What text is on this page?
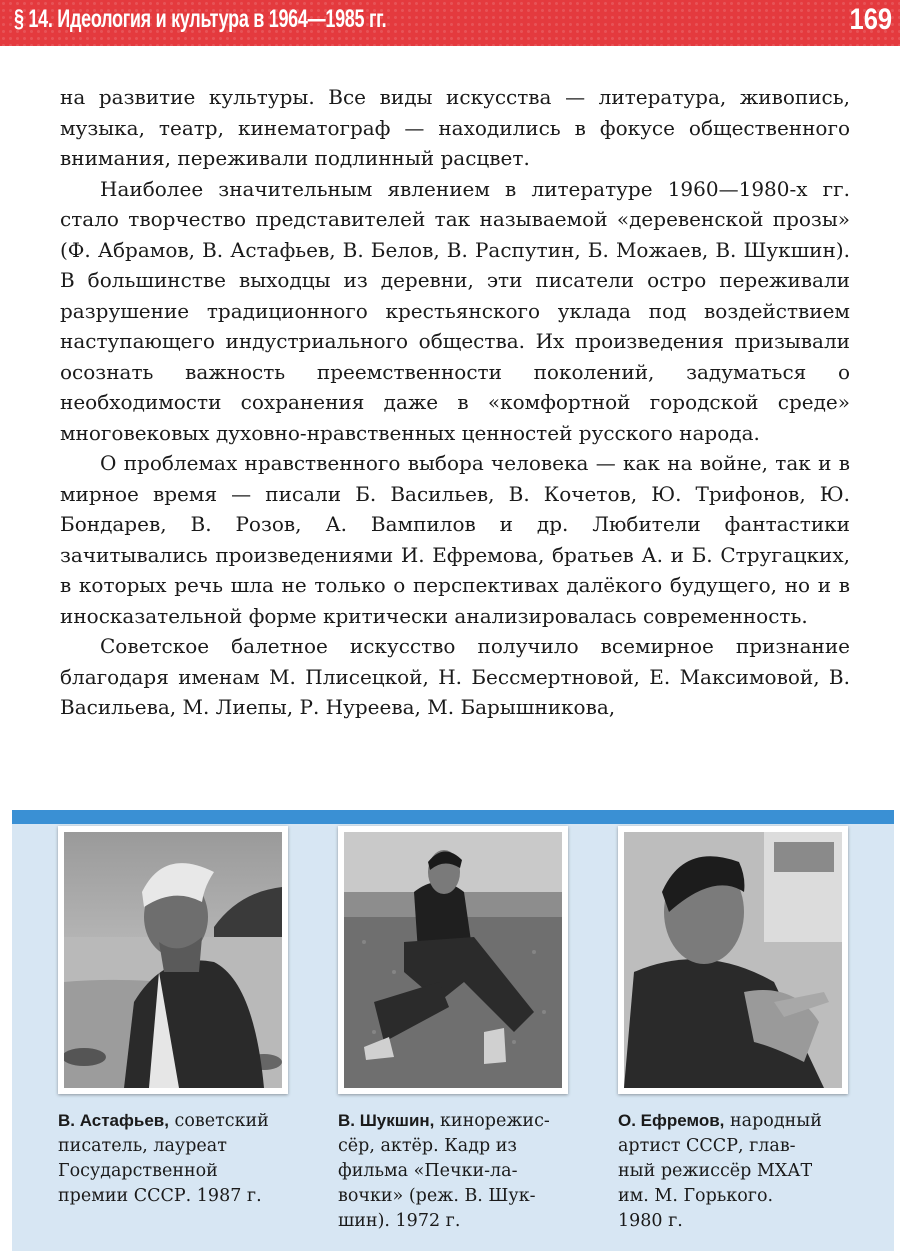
§ 14. Идеология и культура в 1964—1985 гг.	169

на развитие культуры. Все виды искусства — литература, живопись, музыка, театр, кинематограф — находились в фокусе общественного внимания, переживали подлинный расцвет.

Наиболее значительным явлением в литературе 1960—1980-х гг. стало творчество представителей так называемой «деревенской прозы» (Ф. Абрамов, В. Астафьев, В. Белов, В. Распутин, Б. Можаев, В. Шукшин). В большинстве выходцы из деревни, эти писатели остро переживали разрушение традиционного крестьянского уклада под воздействием наступающего индустриального общества. Их произведения призывали осознать важность преемственности поколений, задуматься о необходимости сохранения даже в «комфортной городской среде» многовековых духовно-нравственных ценностей русского народа.

О проблемах нравственного выбора человека — как на войне, так и в мирное время — писали Б. Васильев, В. Кочетов, Ю. Трифонов, Ю. Бондарев, В. Розов, А. Вампилов и др. Любители фантастики зачитывались произведениями И. Ефремова, братьев А. и Б. Стругацких, в которых речь шла не только о перспективах далёкого будущего, но и в иносказательной форме критически анализировалась современность.

Советское балетное искусство получило всемирное признание благодаря именам М. Плисецкой, Н. Бессмертновой, Е. Максимовой, В. Васильева, М. Лиепы, Р. Нуреева, М. Барышникова,

В. Астафьев, советский
писатель, лауреат
Государственной
премии СССР. 1987 г.
В. Шукшин, кинорежис-
сёр, актёр. Кадр из
фильма «Печки-ла-
вочки» (реж. В. Шук-
шин). 1972 г.
О. Ефремов, народный
артист СССР, глав-
ный режиссёр МХАТ
им. М. Горького.
1980 г.
